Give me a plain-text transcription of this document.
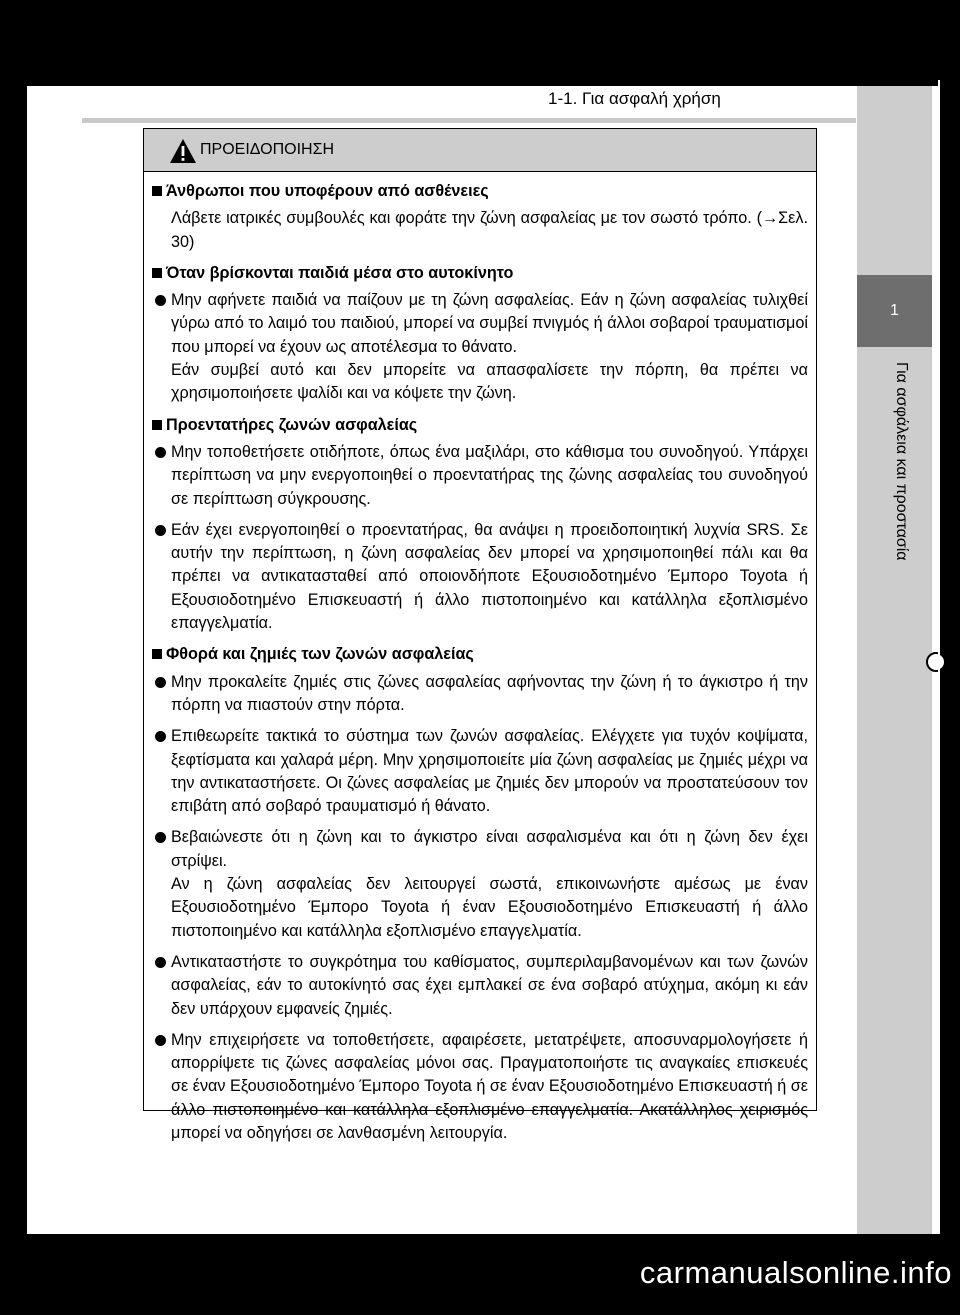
1-1. Για ασφαλή χρήση
1
Για ασφάλεια και προστασία
ΠΡΟΕΙΔΟΠΟΙΗΣΗ
Άνθρωποι που υποφέρουν από ασθένειες

Λάβετε ιατρικές συμβουλές και φοράτε την ζώνη ασφαλείας με τον σωστό τρόπο. (→Σελ. 30)

Όταν βρίσκονται παιδιά μέσα στο αυτοκίνητο

Μην αφήνετε παιδιά να παίζουν με τη ζώνη ασφαλείας. Εάν η ζώνη ασφαλείας τυλιχθεί γύρω από το λαιμό του παιδιού, μπορεί να συμβεί πνιγμός ή άλλοι σοβαροί τραυματισμοί που μπορεί να έχουν ως αποτέλεσμα το θάνατο.

Εάν συμβεί αυτό και δεν μπορείτε να απασφαλίσετε την πόρπη, θα πρέπει να χρησιμοποιήσετε ψαλίδι και να κόψετε την ζώνη.

Προεντατήρες ζωνών ασφαλείας

Μην τοποθετήσετε οτιδήποτε, όπως ένα μαξιλάρι, στο κάθισμα του συνοδηγού. Υπάρχει περίπτωση να μην ενεργοποιηθεί ο προεντατήρας της ζώνης ασφαλείας του συνοδηγού σε περίπτωση σύγκρουσης.

Εάν έχει ενεργοποιηθεί ο προεντατήρας, θα ανάψει η προειδοποιητική λυχνία SRS. Σε αυτήν την περίπτωση, η ζώνη ασφαλείας δεν μπορεί να χρησιμοποιηθεί πάλι και θα πρέπει να αντικατασταθεί από οποιονδήποτε Εξουσιοδοτημένο Έμπορο Toyota ή Εξουσιοδοτημένο Επισκευαστή ή άλλο πιστοποιημένο και κατάλληλα εξοπλισμένο επαγγελματία.

Φθορά και ζημιές των ζωνών ασφαλείας

Μην προκαλείτε ζημιές στις ζώνες ασφαλείας αφήνοντας την ζώνη ή το άγκιστρο ή την πόρπη να πιαστούν στην πόρτα.

Επιθεωρείτε τακτικά το σύστημα των ζωνών ασφαλείας. Ελέγχετε για τυχόν κοψίματα, ξεφτίσματα και χαλαρά μέρη. Μην χρησιμοποιείτε μία ζώνη ασφαλείας με ζημιές μέχρι να την αντικαταστήσετε. Οι ζώνες ασφαλείας με ζημιές δεν μπορούν να προστατεύσουν τον επιβάτη από σοβαρό τραυματισμό ή θάνατο.

Βεβαιώνεστε ότι η ζώνη και το άγκιστρο είναι ασφαλισμένα και ότι η ζώνη δεν έχει στρίψει.

Αν η ζώνη ασφαλείας δεν λειτουργεί σωστά, επικοινωνήστε αμέσως με έναν Εξουσιοδοτημένο Έμπορο Toyota ή έναν Εξουσιοδοτημένο Επισκευαστή ή άλλο πιστοποιημένο και κατάλληλα εξοπλισμένο επαγγελματία.

Αντικαταστήστε το συγκρότημα του καθίσματος, συμπεριλαμβανομένων και των ζωνών ασφαλείας, εάν το αυτοκίνητό σας έχει εμπλακεί σε ένα σοβαρό ατύχημα, ακόμη κι εάν δεν υπάρχουν εμφανείς ζημιές.

Μην επιχειρήσετε να τοποθετήσετε, αφαιρέσετε, μετατρέψετε, αποσυναρμολογήσετε ή απορρίψετε τις ζώνες ασφαλείας μόνοι σας. Πραγματοποιήστε τις αναγκαίες επισκευές σε έναν Εξουσιοδοτημένο Έμπορο Toyota ή σε έναν Εξουσιοδοτημένο Επισκευαστή ή σε άλλο πιστοποιημένο και κατάλληλα εξοπλισμένο επαγγελματία. Ακατάλληλος χειρισμός μπορεί να οδηγήσει σε λανθασμένη λειτουργία.

carmanualsonline.info
